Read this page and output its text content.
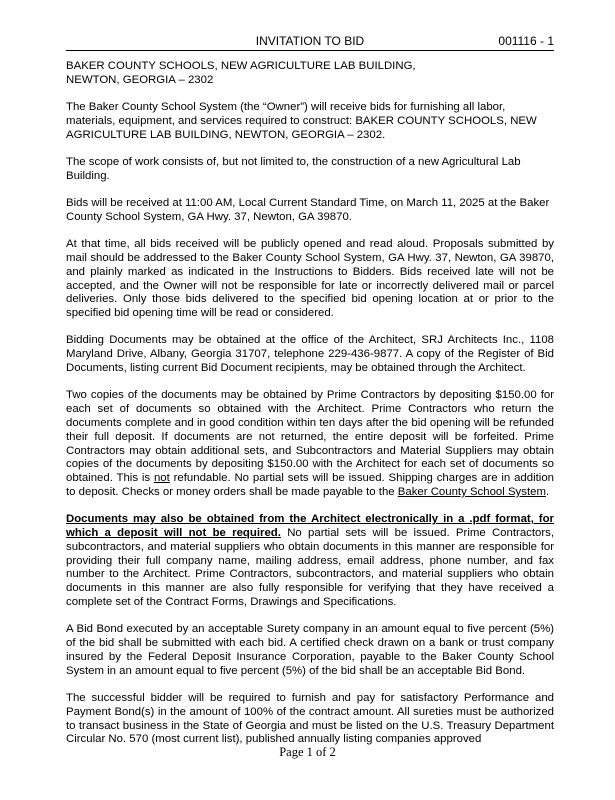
INVITATION TO BID	001116 - 1

BAKER COUNTY SCHOOLS, NEW AGRICULTURE LAB BUILDING,
NEWTON, GEORGIA – 2302

The Baker County School System (the “Owner”) will receive bids for furnishing all labor, materials, equipment, and services required to construct: BAKER COUNTY SCHOOLS, NEW AGRICULTURE LAB BUILDING, NEWTON, GEORGIA – 2302.

The scope of work consists of, but not limited to, the construction of a new Agricultural Lab Building.

Bids will be received at 11:00 AM, Local Current Standard Time, on March 11, 2025 at the Baker County School System, GA Hwy. 37, Newton, GA 39870.

At that time, all bids received will be publicly opened and read aloud. Proposals submitted by mail should be addressed to the Baker County School System, GA Hwy. 37, Newton, GA 39870, and plainly marked as indicated in the Instructions to Bidders. Bids received late will not be accepted, and the Owner will not be responsible for late or incorrectly delivered mail or parcel deliveries. Only those bids delivered to the specified bid opening location at or prior to the specified bid opening time will be read or considered.

Bidding Documents may be obtained at the office of the Architect, SRJ Architects Inc., 1108 Maryland Drive, Albany, Georgia 31707, telephone 229-436-9877. A copy of the Register of Bid Documents, listing current Bid Document recipients, may be obtained through the Architect.

Two copies of the documents may be obtained by Prime Contractors by depositing $150.00 for each set of documents so obtained with the Architect. Prime Contractors who return the documents complete and in good condition within ten days after the bid opening will be refunded their full deposit. If documents are not returned, the entire deposit will be forfeited. Prime Contractors may obtain additional sets, and Subcontractors and Material Suppliers may obtain copies of the documents by depositing $150.00 with the Architect for each set of documents so obtained. This is not refundable. No partial sets will be issued. Shipping charges are in addition to deposit. Checks or money orders shall be made payable to the Baker County School System.

Documents may also be obtained from the Architect electronically in a .pdf format, for which a deposit will not be required. No partial sets will be issued. Prime Contractors, subcontractors, and material suppliers who obtain documents in this manner are responsible for providing their full company name, mailing address, email address, phone number, and fax number to the Architect. Prime Contractors, subcontractors, and material suppliers who obtain documents in this manner are also fully responsible for verifying that they have received a complete set of the Contract Forms, Drawings and Specifications.

A Bid Bond executed by an acceptable Surety company in an amount equal to five percent (5%) of the bid shall be submitted with each bid. A certified check drawn on a bank or trust company insured by the Federal Deposit Insurance Corporation, payable to the Baker County School System in an amount equal to five percent (5%) of the bid shall be an acceptable Bid Bond.

The successful bidder will be required to furnish and pay for satisfactory Performance and Payment Bond(s) in the amount of 100% of the contract amount. All sureties must be authorized to transact business in the State of Georgia and must be listed on the U.S. Treasury Department Circular No. 570 (most current list), published annually listing companies approved

Page 1 of 2
